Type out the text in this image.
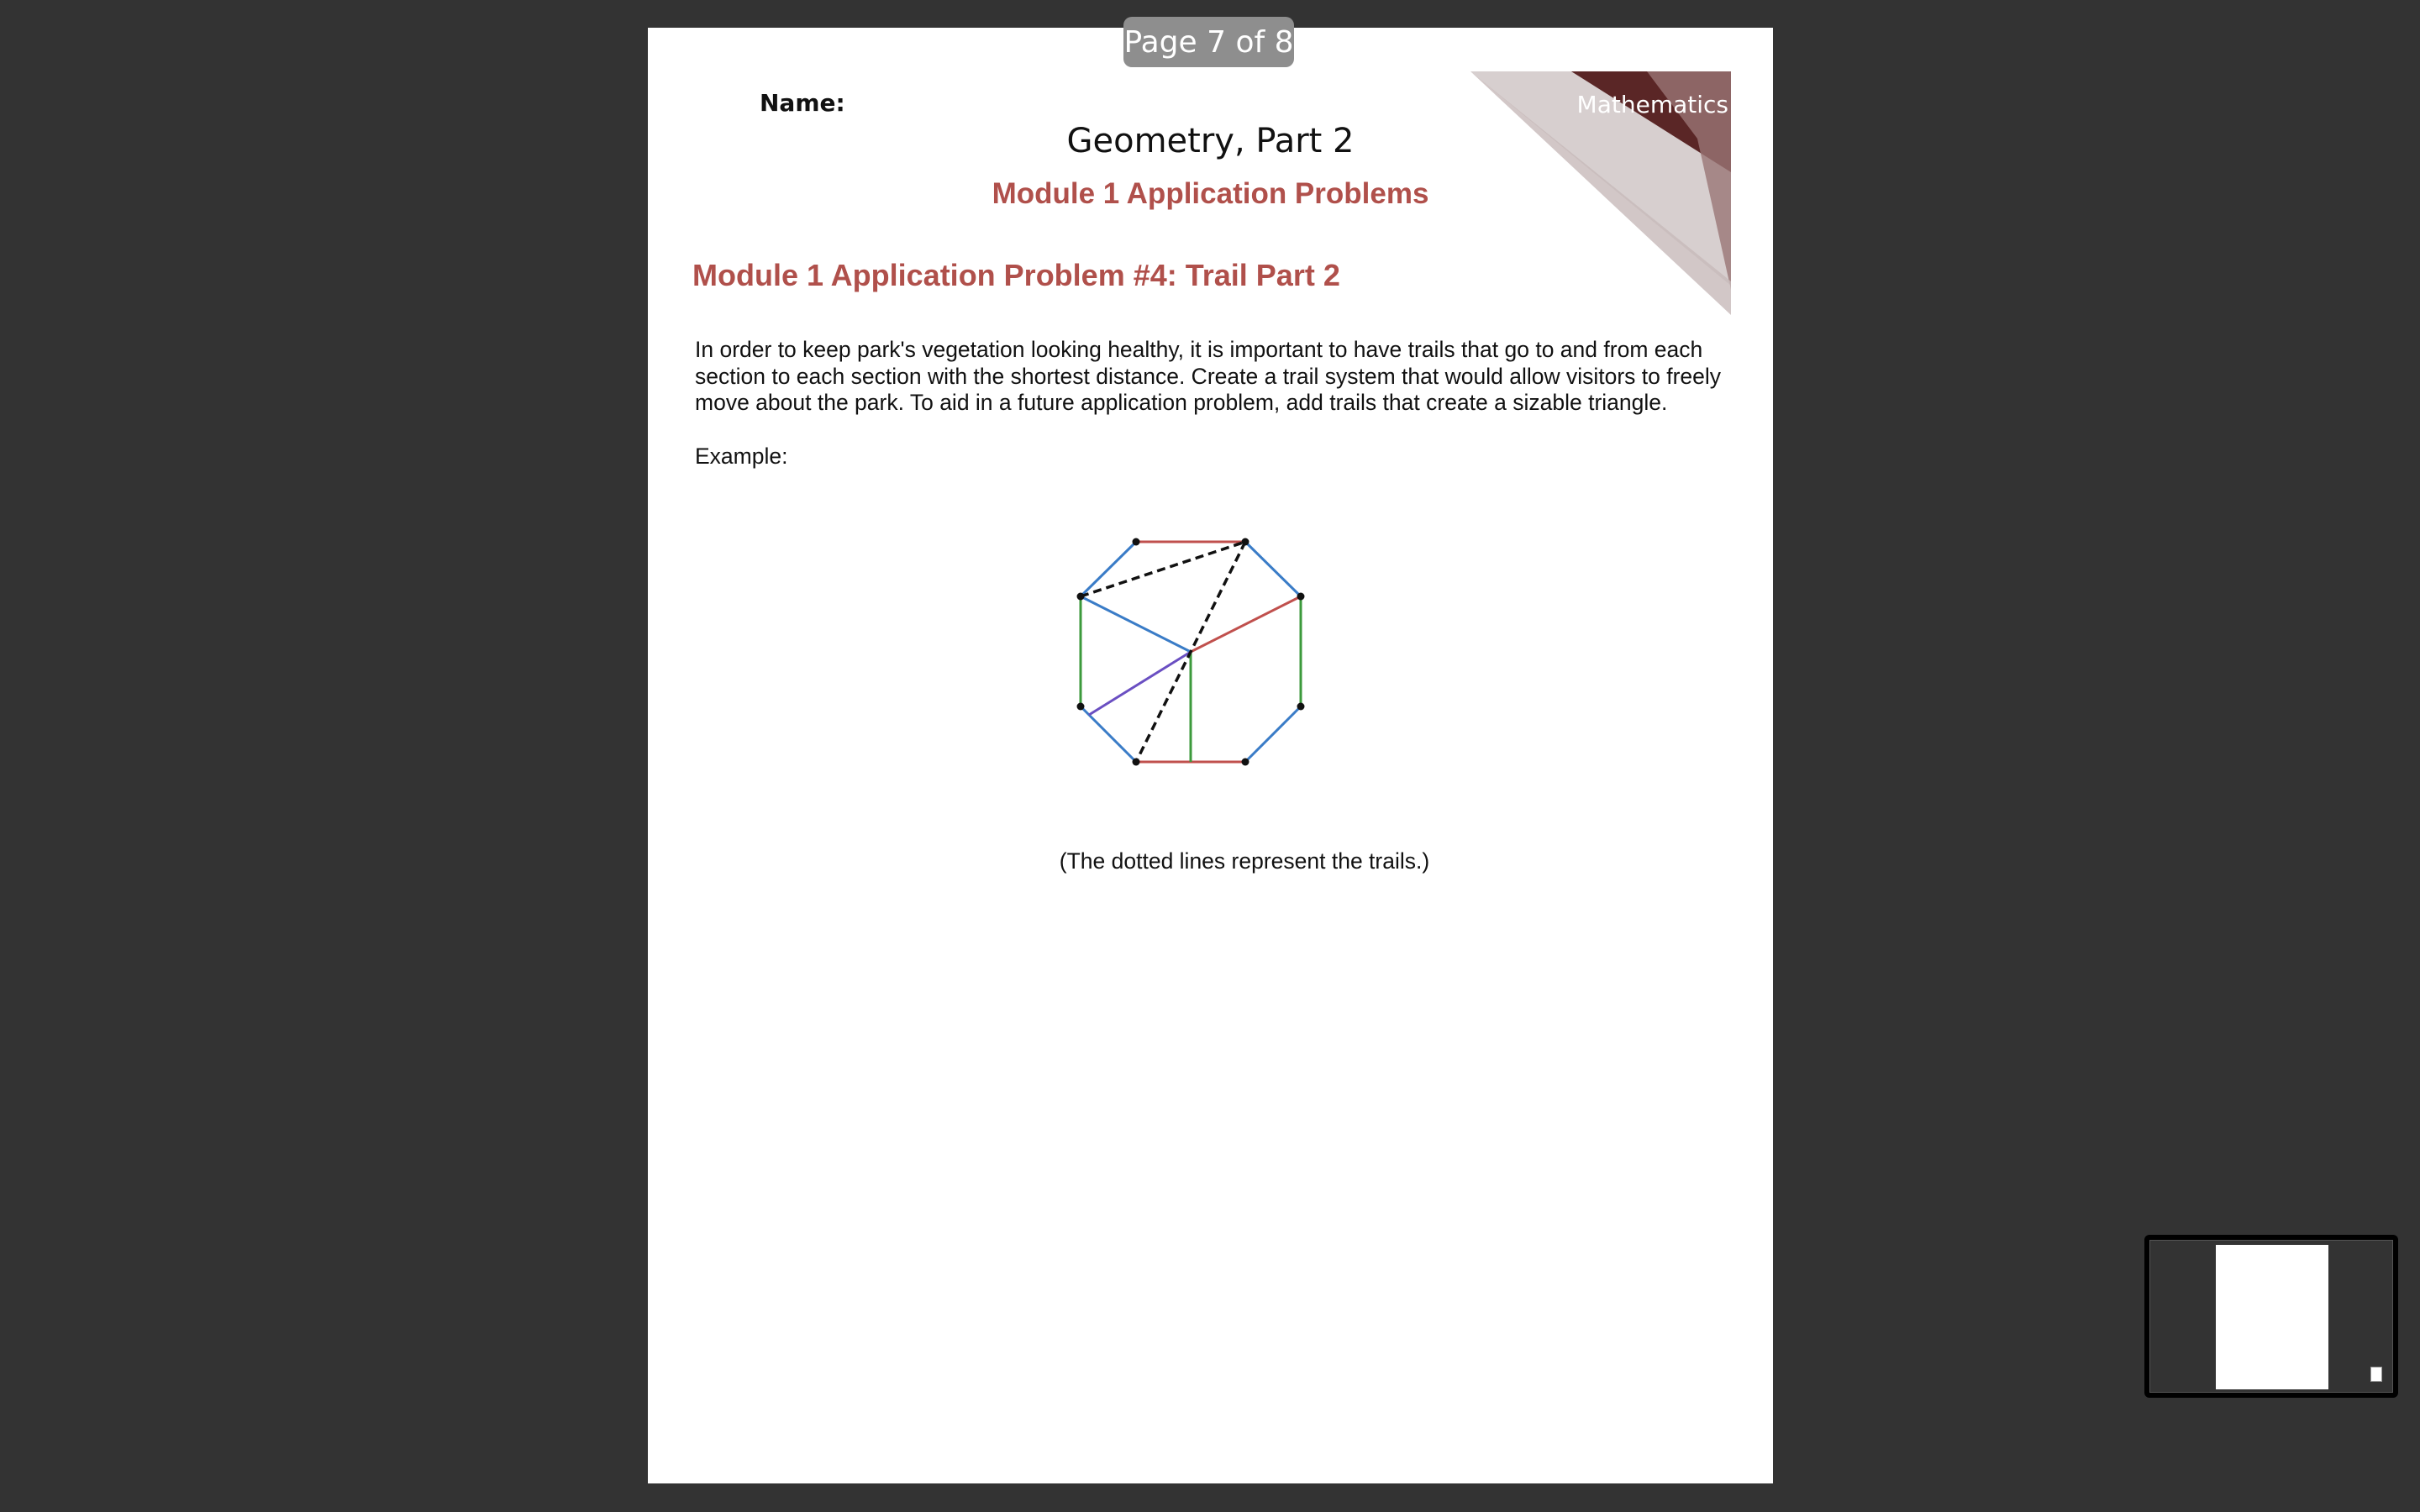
Mathematics
Name:
Geometry, Part 2
Module 1 Application Problems
Module 1 Application Problem #4: Trail Part 2
In order to keep park's vegetation looking healthy, it is important to have trails that go to and from each section to each section with the shortest distance. Create a trail system that would allow visitors to freely move about the park. To aid in a future application problem, add trails that create a sizable triangle.
Example:
(The dotted lines represent the trails.)
Page 7 of 8
